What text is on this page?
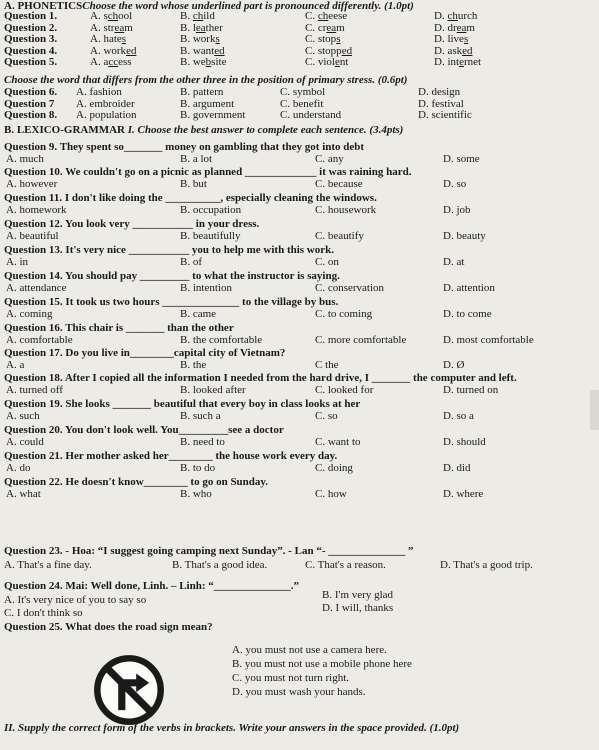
A. PHONETICSChoose the word whose underlined part is pronounced differently. (1.0pt)
Question 1.	A. school	B. child	C. cheese	D. church
Question 2.	A. stream	B. leather	C. cream	D. dream
Question 3.	A. hates	B. works	C. stops	D. lives
Question 4.	A. worked	B. wanted	C. stopped	D. asked
Question 5.	A. access	B. website	C. violent	D. internet
Choose the word that differs from the other three in the position of primary stress. (0.6pt)
Question 6. A. fashion	B. pattern	C. symbol	D. design
Question 7 A. embroider	B. argument	C. benefit	D. festival
Question 8. A. population	B. government	C. understand	D. scientific
B. LEXICO-GRAMMAR I. Choose the best answer to complete each sentence. (3.4pts)
Question 9. They spent so_______ money on gambling that they got into debt
A. much	B. a lot	C. any	D. some
Question 10. We couldn't go on a picnic as planned _____________ it was raining hard.
A. however	B. but	C. because	D. so
Question 11. I don't like doing the __________, especially cleaning the windows.
A. homework	B. occupation	C. housework	D. job
Question 12. You look very ___________ in your dress.
A. beautiful	B. beautifully	C. beautify	D. beauty
Question 13. It's very nice ___________ you to help me with this work.
A. in	B. of	C. on	D. at
Question 14. You should pay _________ to what the instructor is saying.
A. attendance	B. intention	C. conservation	D. attention
Question 15. It took us two hours ______________ to the village by bus.
A. coming	B. came	C. to coming	D. to come
Question 16. This chair is _______ than the other
A. comfortable	B. the comfortable	C. more comfortable	D. most comfortable
Question 17. Do you live in________capital city of Vietnam?
A. a	B. the	C the	D. Ø
Question 18. After I copied all the information I needed from the hard drive, I _______ the computer and left.
A. turned off	B. looked after	C. looked for	D. turned on
Question 19. She looks _______ beautiful that every boy in class looks at her
A. such	B. such a	C. so	D. so a
Question 20. You don't look well. You_________see a doctor
A. could	B. need to	C. want to	D. should
Question 21. Her mother asked her________ the house work every day.
A. do	B. to do	C. doing	D. did
Question 22. He doesn't know________ to go on Sunday.
A. what	B. who	C. how	D. where
Question 23. - Hoa: “I suggest going camping next Sunday”. - Lan “- ______________ ”
A. That's a fine day.	B. That's a good idea.	C. That's a reason.	D. That's a good trip.
Question 24. Mai: Well done, Linh. – Linh: “______________.”
A. It's very nice of you to say so	B. I'm very glad
C. I don't think so	D. I will, thanks
Question 25. What does the road sign mean?
A. you must not use a camera here.
B. you must not use a mobile phone here
C. you must not turn right.
D. you must wash your hands.
II. Supply the correct form of the verbs in brackets. Write your answers in the space provided. (1.0pt)
